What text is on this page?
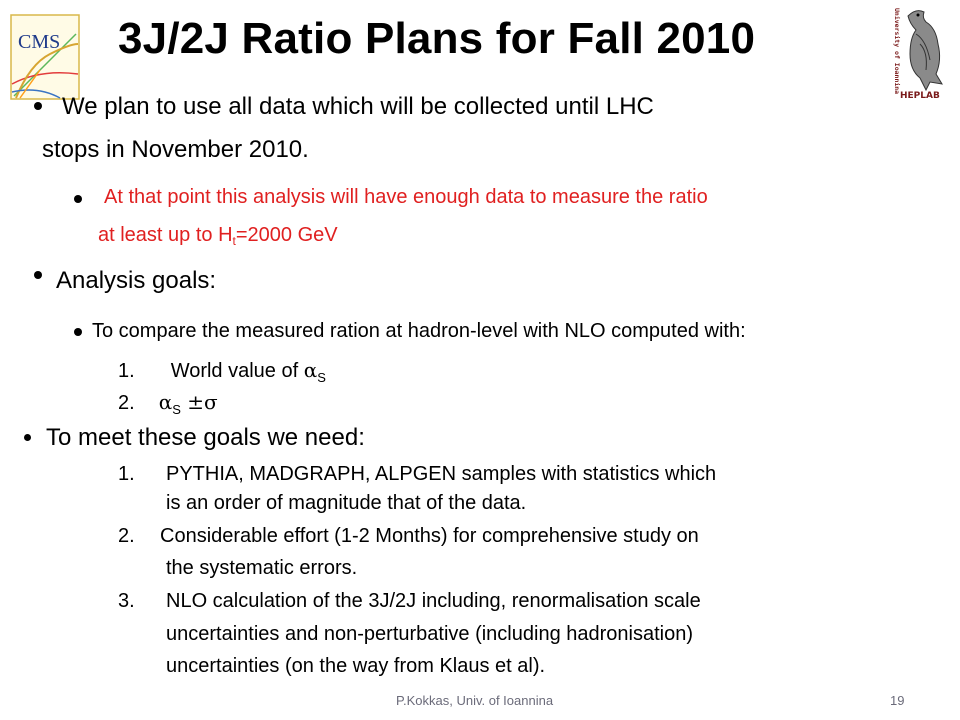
CMS 3J/2J Ratio Plans for Fall 2010	University of Ioannina
HEPLAB
We plan to use all data which will be collected until LHC
stops in November 2010.
At that point this analysis will have enough data to measure the ratio
at least up to $H_t=2000$ GeV
Analysis goals:
To compare the measured ration at hadron-level with NLO computed with:
1. World value of $\alpha_S$
2. $\alpha_S \pm\sigma$
To meet these goals we need:
1. PYTHIA, MADGRAPH, ALPGEN samples with statistics which
is an order of magnitude that of the data.
2. Considerable effort (1-2 Months) for comprehensive study on
the systematic errors.
3. NLO calculation of the 3J/2J including, renormalisation scale
uncertainties and non-perturbative (including hadronisation)
uncertainties (on the way from Klaus et al).
P.Kokkas, Univ. of Ioannina	19
